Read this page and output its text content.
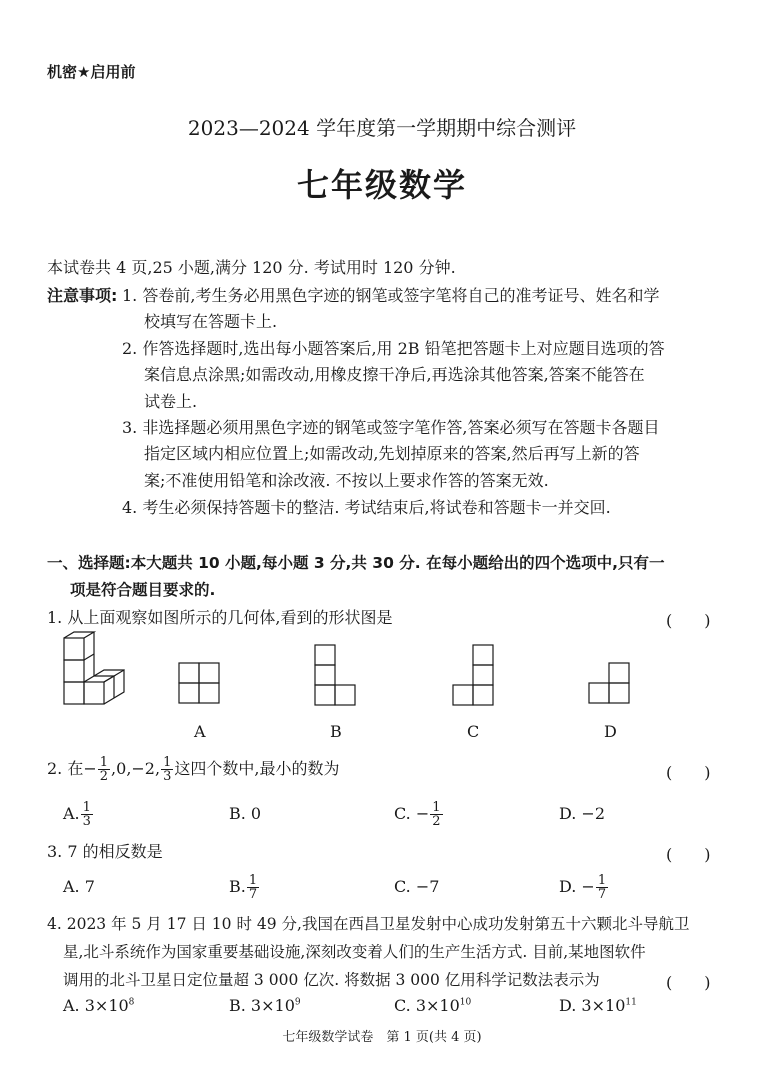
机密★启用前
2023—2024 学年度第一学期期中综合测评
七年级数学
本试卷共 4 页,25 小题,满分 120 分. 考试用时 120 分钟.
注意事项: 1. 答卷前,考生务必用黑色字迹的钢笔或签字笔将自己的准考证号、姓名和学
校填写在答题卡上.
2. 作答选择题时,选出每小题答案后,用 2B 铅笔把答题卡上对应题目选项的答
案信息点涂黑;如需改动,用橡皮擦干净后,再选涂其他答案,答案不能答在
试卷上.
3. 非选择题必须用黑色字迹的钢笔或签字笔作答,答案必须写在答题卡各题目
指定区域内相应位置上;如需改动,先划掉原来的答案,然后再写上新的答
案;不准使用铅笔和涂改液. 不按以上要求作答的答案无效.
4. 考生必须保持答题卡的整洁. 考试结束后,将试卷和答题卡一并交回.
一、选择题:本大题共 10 小题,每小题 3 分,共 30 分. 在每小题给出的四个选项中,只有一
项是符合题目要求的.
1. 从上面观察如图所示的几何体,看到的形状图是	(　　)
A	B	C	D
2. 在 − $\frac{1}{2} ,0,-2$, $\frac{1}{3}$ 这四个数中,最小的数为	(　　)
A. $\frac{1}{3}$	B. 0	C. − $\frac{1}{2}$	D. −2
3. 7 的相反数是	(　　)
A. 7	B. $\frac{1}{7}$	C. −7	D. − $\frac{1}{7}$
4. 2023 年 5 月 17 日 10 时 49 分,我国在西昌卫星发射中心成功发射第五十六颗北斗导航卫
星,北斗系统作为国家重要基础设施,深刻改变着人们的生产生活方式. 目前,某地图软件
调用的北斗卫星日定位量超 3 000 亿次. 将数据 3 000 亿用科学记数法表示为	(　　)
A. $3\times 10^8$	B. $3\times 10^9$	C. $3\times 10^{10}$	D. $3\times 10^{11}$
七年级数学试卷　第 1 页(共 4 页)
